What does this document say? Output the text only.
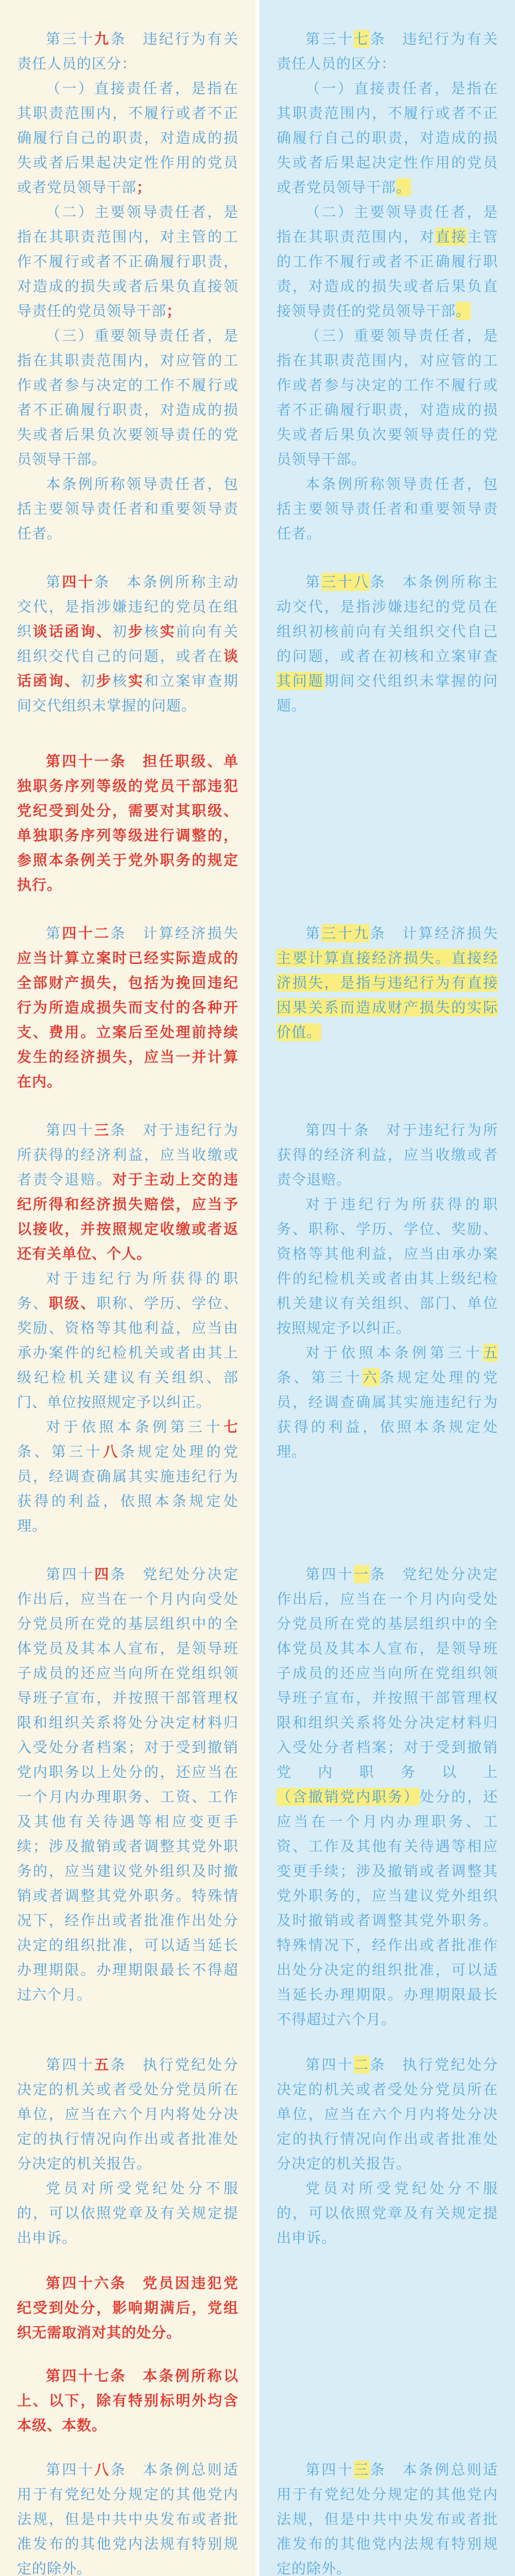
第三十九条　违纪行为有关责任人员的区分：

第三十七条　违纪行为有关责任人员的区分：

（一）直接责任者，是指在其职责范围内，不履行或者不正确履行自己的职责，对造成的损失或者后果起决定性作用的党员或者党员领导干部；

（一）直接责任者，是指在其职责范围内，不履行或者不正确履行自己的职责，对造成的损失或者后果起决定性作用的党员或者党员领导干部。

（二）主要领导责任者，是指在其职责范围内，对主管的工作不履行或者不正确履行职责，对造成的损失或者后果负直接领导责任的党员领导干部；

（二）主要领导责任者，是指在其职责范围内，对直接主管的工作不履行或者不正确履行职责，对造成的损失或者后果负直接领导责任的党员领导干部。

（三）重要领导责任者，是指在其职责范围内，对应管的工作或者参与决定的工作不履行或者不正确履行职责，对造成的损失或者后果负次要领导责任的党员领导干部。

（三）重要领导责任者，是指在其职责范围内，对应管的工作或者参与决定的工作不履行或者不正确履行职责，对造成的损失或者后果负次要领导责任的党员领导干部。

本条例所称领导责任者，包括主要领导责任者和重要领导责任者。

本条例所称领导责任者，包括主要领导责任者和重要领导责任者。

第四十条　本条例所称主动交代，是指涉嫌违纪的党员在组织谈话函询、初步核实前向有关组织交代自己的问题，或者在谈话函询、初步核实和立案审查期间交代组织未掌握的问题。

第三十八条　本条例所称主动交代，是指涉嫌违纪的党员在组织初核前向有关组织交代自己的问题，或者在初核和立案审查其问题期间交代组织未掌握的问题。

第四十一条　担任职级、单独职务序列等级的党员干部违犯党纪受到处分，需要对其职级、单独职务序列等级进行调整的，参照本条例关于党外职务的规定执行。

第四十二条　计算经济损失应当计算立案时已经实际造成的全部财产损失，包括为挽回违纪行为所造成损失而支付的各种开支、费用。立案后至处理前持续发生的经济损失，应当一并计算在内。

第三十九条　计算经济损失主要计算直接经济损失。直接经济损失，是指与违纪行为有直接因果关系而造成财产损失的实际价值。

第四十三条　对于违纪行为所获得的经济利益，应当收缴或者责令退赔。对于主动上交的违纪所得和经济损失赔偿，应当予以接收，并按照规定收缴或者返还有关单位、个人。

对于违纪行为所获得的职务、职级、职称、学历、学位、奖励、资格等其他利益，应当由承办案件的纪检机关或者由其上级纪检机关建议有关组织、部门、单位按照规定予以纠正。

对于依照本条例第三十七条、第三十八条规定处理的党员，经调查确属其实施违纪行为获得的利益，依照本条规定处理。

第四十条　对于违纪行为所获得的经济利益，应当收缴或者责令退赔。

对于违纪行为所获得的职务、职称、学历、学位、奖励、资格等其他利益，应当由承办案件的纪检机关或者由其上级纪检机关建议有关组织、部门、单位按照规定予以纠正。

对于依照本条例第三十五条、第三十六条规定处理的党员，经调查确属其实施违纪行为获得的利益，依照本条规定处理。

第四十四条　党纪处分决定作出后，应当在一个月内向受处分党员所在党的基层组织中的全体党员及其本人宣布，是领导班子成员的还应当向所在党组织领导班子宣布，并按照干部管理权限和组织关系将处分决定材料归入受处分者档案；对于受到撤销党内职务以上处分的，还应当在一个月内办理职务、工资、工作及其他有关待遇等相应变更手续；涉及撤销或者调整其党外职务的，应当建议党外组织及时撤销或者调整其党外职务。特殊情况下，经作出或者批准作出处分决定的组织批准，可以适当延长办理期限。办理期限最长不得超过六个月。

第四十一条　党纪处分决定作出后，应当在一个月内向受处分党员所在党的基层组织中的全体党员及其本人宣布，是领导班子成员的还应当向所在党组织领导班子宣布，并按照干部管理权限和组织关系将处分决定材料归入受处分者档案；对于受到撤销党内职务以上（含撤销党内职务）处分的，还应当在一个月内办理职务、工资、工作及其他有关待遇等相应变更手续；涉及撤销或者调整其党外职务的，应当建议党外组织及时撤销或者调整其党外职务。特殊情况下，经作出或者批准作出处分决定的组织批准，可以适当延长办理期限。办理期限最长不得超过六个月。

第四十五条　执行党纪处分决定的机关或者受处分党员所在单位，应当在六个月内将处分决定的执行情况向作出或者批准处分决定的机关报告。

党员对所受党纪处分不服的，可以依照党章及有关规定提出申诉。

第四十二条　执行党纪处分决定的机关或者受处分党员所在单位，应当在六个月内将处分决定的执行情况向作出或者批准处分决定的机关报告。

党员对所受党纪处分不服的，可以依照党章及有关规定提出申诉。

第四十六条　党员因违犯党纪受到处分，影响期满后，党组织无需取消对其的处分。

第四十七条　本条例所称以上、以下，除有特别标明外均含本级、本数。

第四十八条　本条例总则适用于有党纪处分规定的其他党内法规，但是中共中央发布或者批准发布的其他党内法规有特别规定的除外。

第四十三条　本条例总则适用于有党纪处分规定的其他党内法规，但是中共中央发布或者批准发布的其他党内法规有特别规定的除外。
